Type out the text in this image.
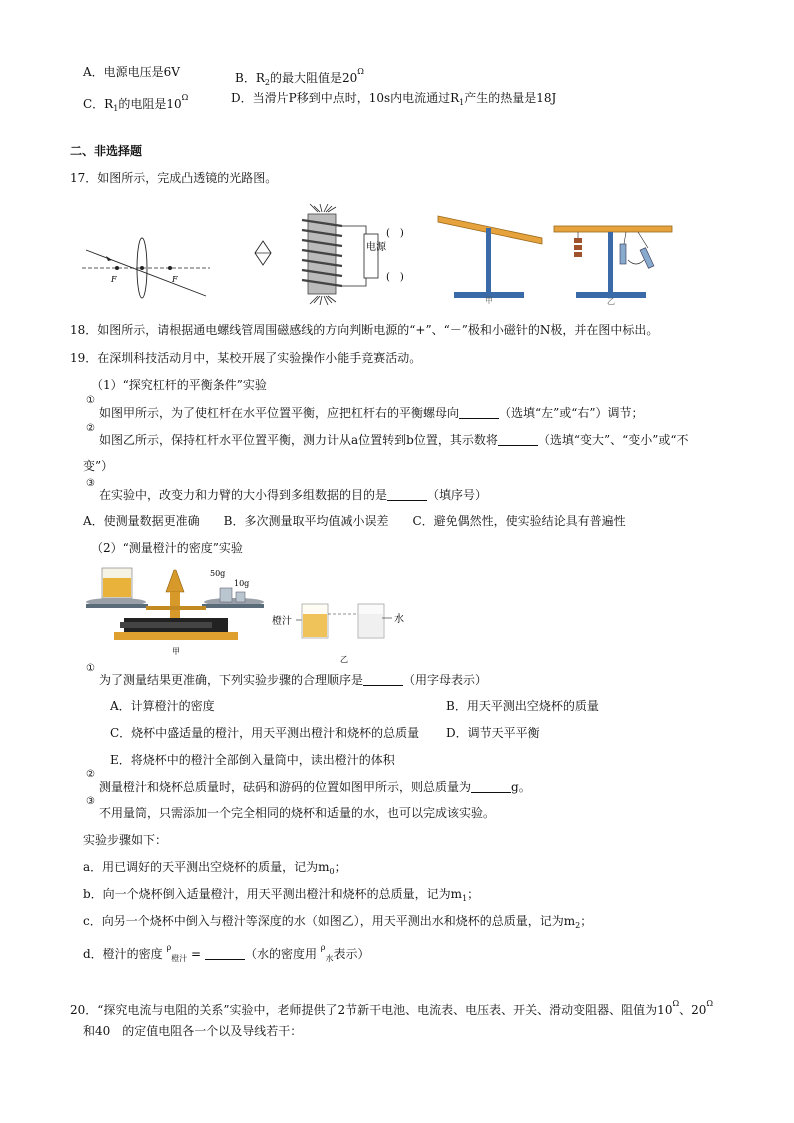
A．电源电压是6V	B．$R_2$的最大阻值是$20^\Omega$
C．$R_1$的电阻是$10^\Omega$	D．当滑片P移到中点时，10s内电流通过$R_1$产生的热量是18J
二、非选择题
17．如图所示，完成凸透镜的光路图。
F	F
电源
(　)
(　)
甲	乙
18．如图所示，请根据通电螺线管周围磁感线的方向判断电源的“+”、“－”极和小磁针的N极，并在图中标出。
19．在深圳科技活动月中，某校开展了实验操作小能手竞赛活动。
（1）“探究杠杆的平衡条件”实验
①
如图甲所示，为了使杠杆在水平位置平衡，应把杠杆右的平衡螺母向	（选填“左”或“右”）调节；
②
如图乙所示，保持杠杆水平位置平衡，测力计从a位置转到b位置，其示数将	（选填“变大”、“变小”或“不
变”）
③
在实验中，改变力和力臂的大小得到多组数据的目的是	（填序号）
A．使测量数据更准确　　B．多次测量取平均值减小误差　　C．避免偶然性，使实验结论具有普遍性
（2）“测量橙汁的密度”实验
50g
10g
甲
橙汁	水
乙
①
为了测量结果更准确，下列实验步骤的合理顺序是	（用字母表示）
A．计算橙汁的密度	B．用天平测出空烧杯的质量
C．烧杯中盛适量的橙汁，用天平测出橙汁和烧杯的总质量 D．调节天平平衡
E．将烧杯中的橙汁全部倒入量筒中，读出橙汁的体积
②
测量橙汁和烧杯总质量时，砝码和游码的位置如图甲所示，则总质量为	g。
③
不用量筒，只需添加一个完全相同的烧杯和适量的水，也可以完成该实验。
实验步骤如下：
a．用已调好的天平测出空烧杯的质量，记为$m_0$；
b．向一个烧杯倒入适量橙汁，用天平测出橙汁和烧杯的总质量，记为$m_1$；
c．向另一个烧杯中倒入与橙汁等深度的水（如图乙），用天平测出水和烧杯的总质量，记为$m_2$；
d．橙汁的密度 $^\rho_{橙汁}$ =	（水的密度用 $^\rho_水$表示）
20．“探究电流与电阻的关系”实验中，老师提供了2节新干电池、电流表、电压表、开关、滑动变阻器、阻值为$10^\Omega$、$20^\Omega$
和40　的定值电阻各一个以及导线若干：
